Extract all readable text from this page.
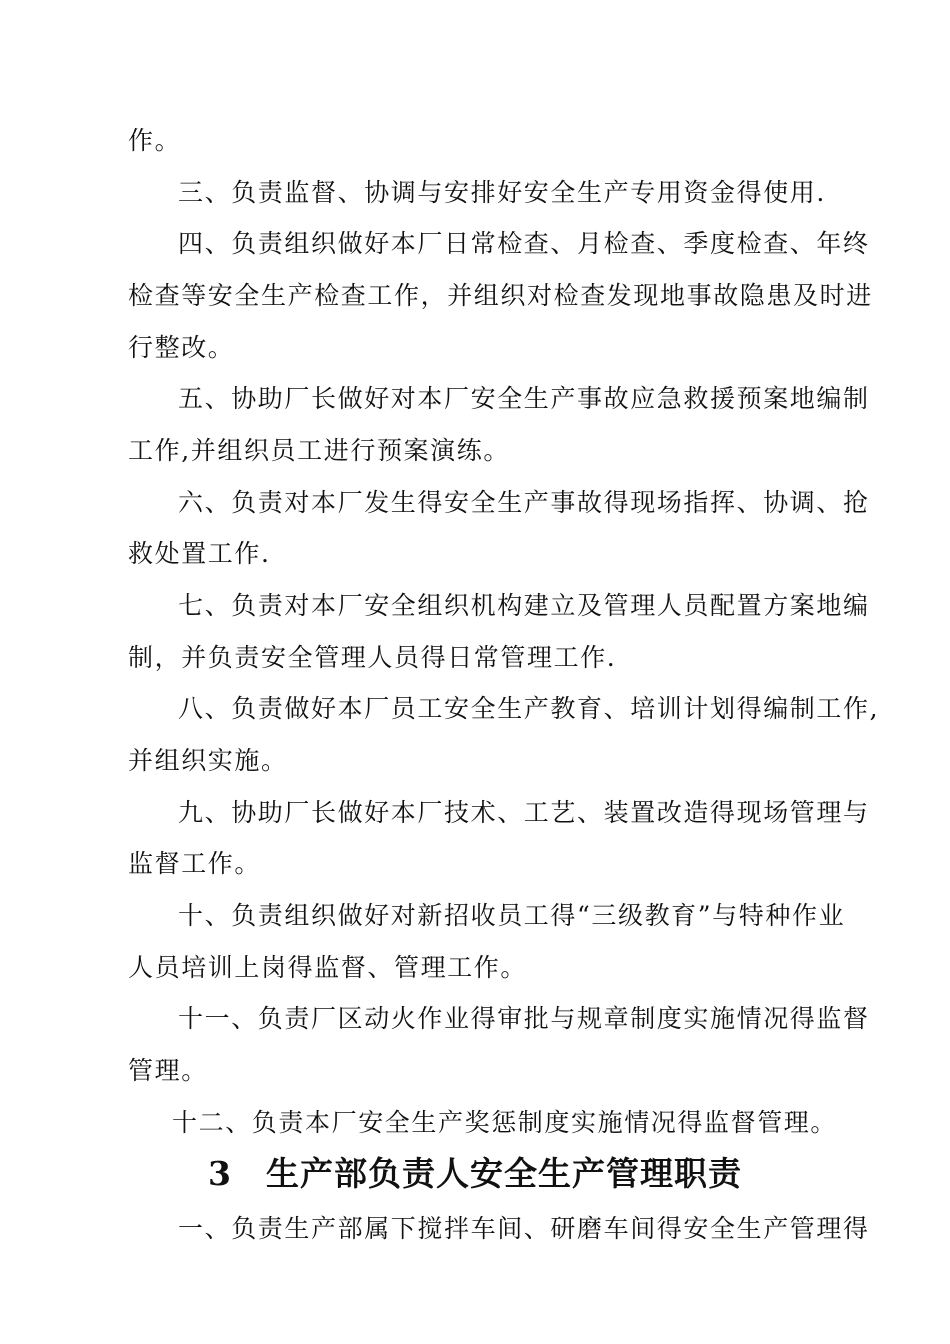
作。

三、负责监督、协调与安排好安全生产专用资金得使用.

四、负责组织做好本厂日常检查、月检查、季度检查、年终

检查等安全生产检查工作，并组织对检查发现地事故隐患及时进

行整改。

五、协助厂长做好对本厂安全生产事故应急救援预案地编制

工作,并组织员工进行预案演练。

六、负责对本厂发生得安全生产事故得现场指挥、协调、抢

救处置工作.

七、负责对本厂安全组织机构建立及管理人员配置方案地编

制，并负责安全管理人员得日常管理工作.

八、负责做好本厂员工安全生产教育、培训计划得编制工作,

并组织实施。

九、协助厂长做好本厂技术、工艺、装置改造得现场管理与

监督工作。

十、负责组织做好对新招收员工得“三级教育”与特种作业

人员培训上岗得监督、管理工作。

十一、负责厂区动火作业得审批与规章制度实施情况得监督

管理。

十二、负责本厂安全生产奖惩制度实施情况得监督管理。

3　生产部负责人安全生产管理职责

一、负责生产部属下搅拌车间、研磨车间得安全生产管理得
